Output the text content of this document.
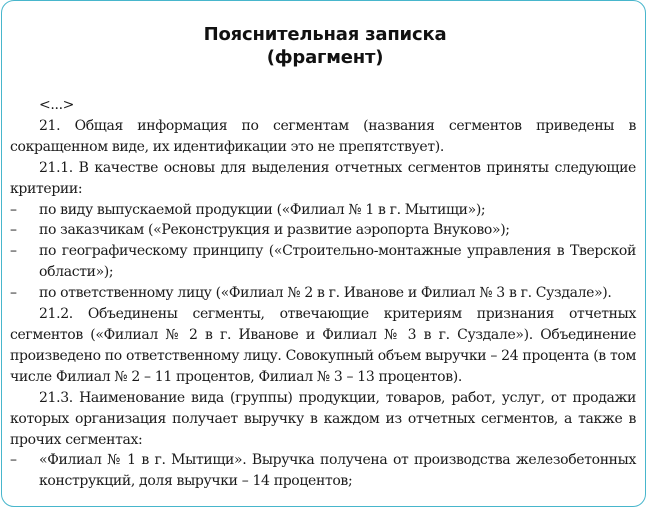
Пояснительная записка
(фрагмент)

<...>

21. Общая информация по сегментам (названия сегментов приведены в сокращенном виде, их идентификации это не препятствует).

21.1. В качестве основы для выделения отчетных сегментов приняты следующие критерии:

–	по виду выпускаемой продукции («Филиал № 1 в г. Мытищи»);
–	по заказчикам («Реконструкция и развитие аэропорта Внуково»);
–	по географическому принципу («Строительно-монтажные управления в Тверской области»);
–	по ответственному лицу («Филиал № 2 в г. Иванове и Филиал № 3 в г. Суздале»).

21.2. Объединены сегменты, отвечающие критериям признания отчетных сегментов («Филиал № 2 в г. Иванове и Филиал № 3 в г. Суздале»). Объединение произведено по ответственному лицу. Совокупный объем выручки – 24 процента (в том числе Филиал № 2 – 11 процентов, Филиал № 3 – 13 процентов).

21.3. Наименование вида (группы) продукции, товаров, работ, услуг, от продажи которых организация получает выручку в каждом из отчетных сегментов, а также в прочих сегментах:

–	«Филиал № 1 в г. Мытищи». Выручка получена от производства железобетонных конструкций, доля выручки – 14 процентов;
